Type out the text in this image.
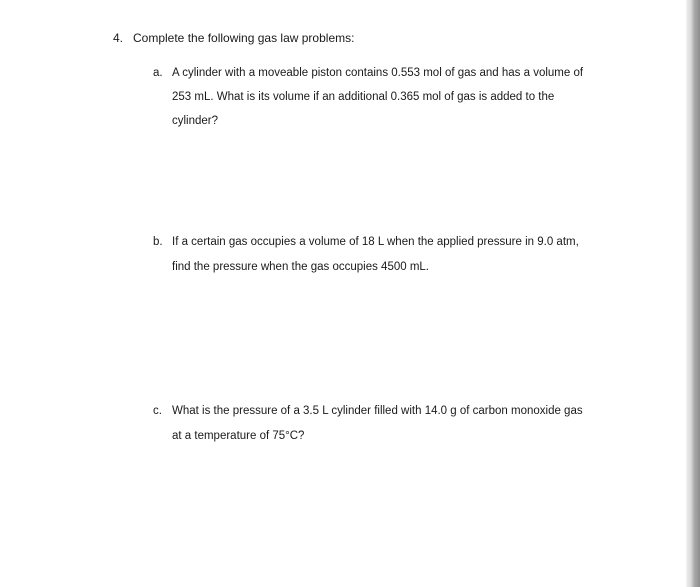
4. Complete the following gas law problems:
a. A cylinder with a moveable piston contains 0.553 mol of gas and has a volume of
253 mL. What is its volume if an additional 0.365 mol of gas is added to the
cylinder?
b. If a certain gas occupies a volume of 18 L when the applied pressure in 9.0 atm,
find the pressure when the gas occupies 4500 mL.
c. What is the pressure of a 3.5 L cylinder filled with 14.0 g of carbon monoxide gas
at a temperature of 75°C?
